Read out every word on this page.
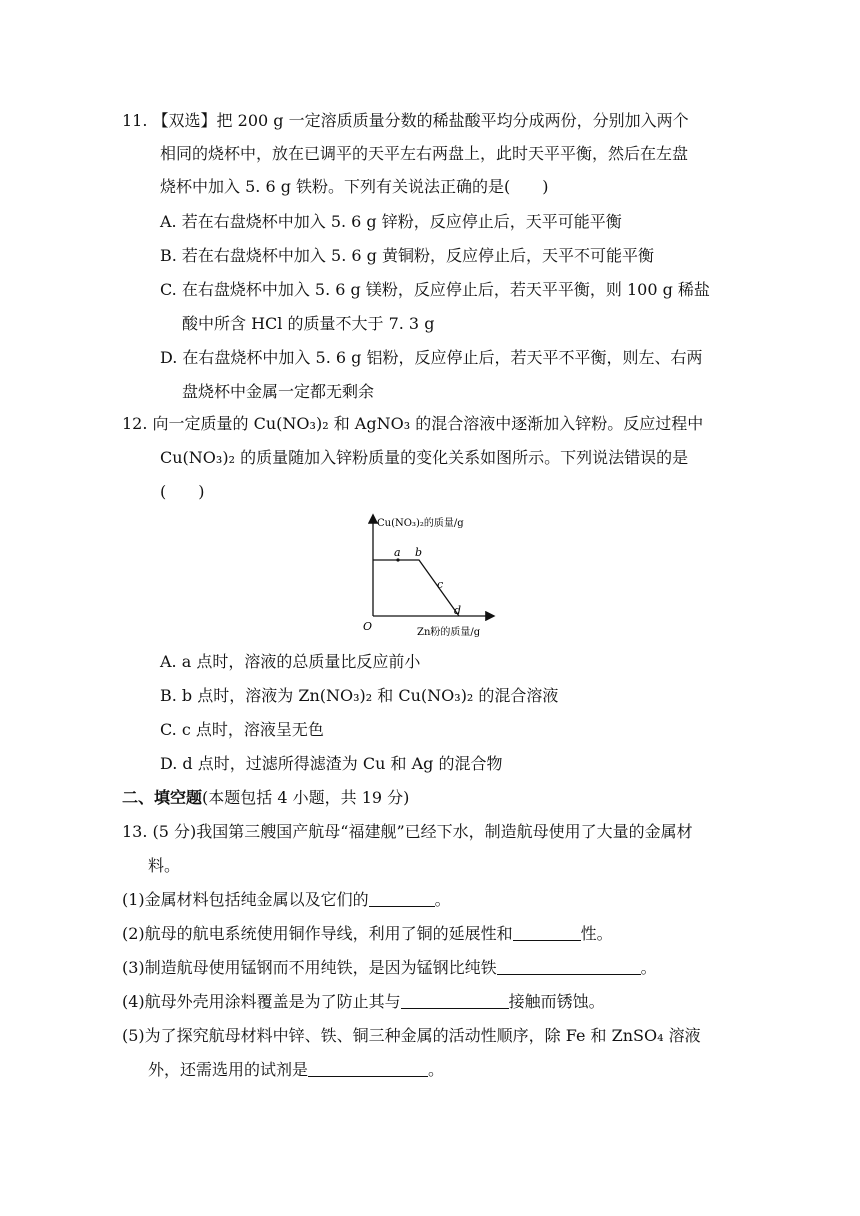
11. 【双选】把 200 g 一定溶质质量分数的稀盐酸平均分成两份，分别加入两个
相同的烧杯中，放在已调平的天平左右两盘上，此时天平平衡，然后在左盘
烧杯中加入 5. 6 g 铁粉。下列有关说法正确的是(　　)
A. 若在右盘烧杯中加入 5. 6 g 锌粉，反应停止后，天平可能平衡
B. 若在右盘烧杯中加入 5. 6 g 黄铜粉，反应停止后，天平不可能平衡
C. 在右盘烧杯中加入 5. 6 g 镁粉，反应停止后，若天平平衡，则 100 g 稀盐
酸中所含 HCl 的质量不大于 7. 3 g
D. 在右盘烧杯中加入 5. 6 g 铝粉，反应停止后，若天平不平衡，则左、右两
盘烧杯中金属一定都无剩余
12. 向一定质量的 Cu(NO₃)₂ 和 AgNO₃ 的混合溶液中逐渐加入锌粉。反应过程中
Cu(NO₃)₂ 的质量随加入锌粉质量的变化关系如图所示。下列说法错误的是
(　　)
Cu(NO₃)₂的质量/g
O	Zn粉的质量/g
a b
c
d
A. a 点时，溶液的总质量比反应前小
B. b 点时，溶液为 Zn(NO₃)₂ 和 Cu(NO₃)₂ 的混合溶液
C. c 点时，溶液呈无色
D. d 点时，过滤所得滤渣为 Cu 和 Ag 的混合物
二、填空题(本题包括 4 小题，共 19 分)
13. (5 分)我国第三艘国产航母“福建舰”已经下水，制造航母使用了大量的金属材
料。
(1)金属材料包括纯金属以及它们的	。
(2)航母的航电系统使用铜作导线，利用了铜的延展性和	性。
(3)制造航母使用锰钢而不用纯铁，是因为锰钢比纯铁	。
(4)航母外壳用涂料覆盖是为了防止其与	接触而锈蚀。
(5)为了探究航母材料中锌、铁、铜三种金属的活动性顺序，除 Fe 和 ZnSO₄ 溶液
外，还需选用的试剂是	。
